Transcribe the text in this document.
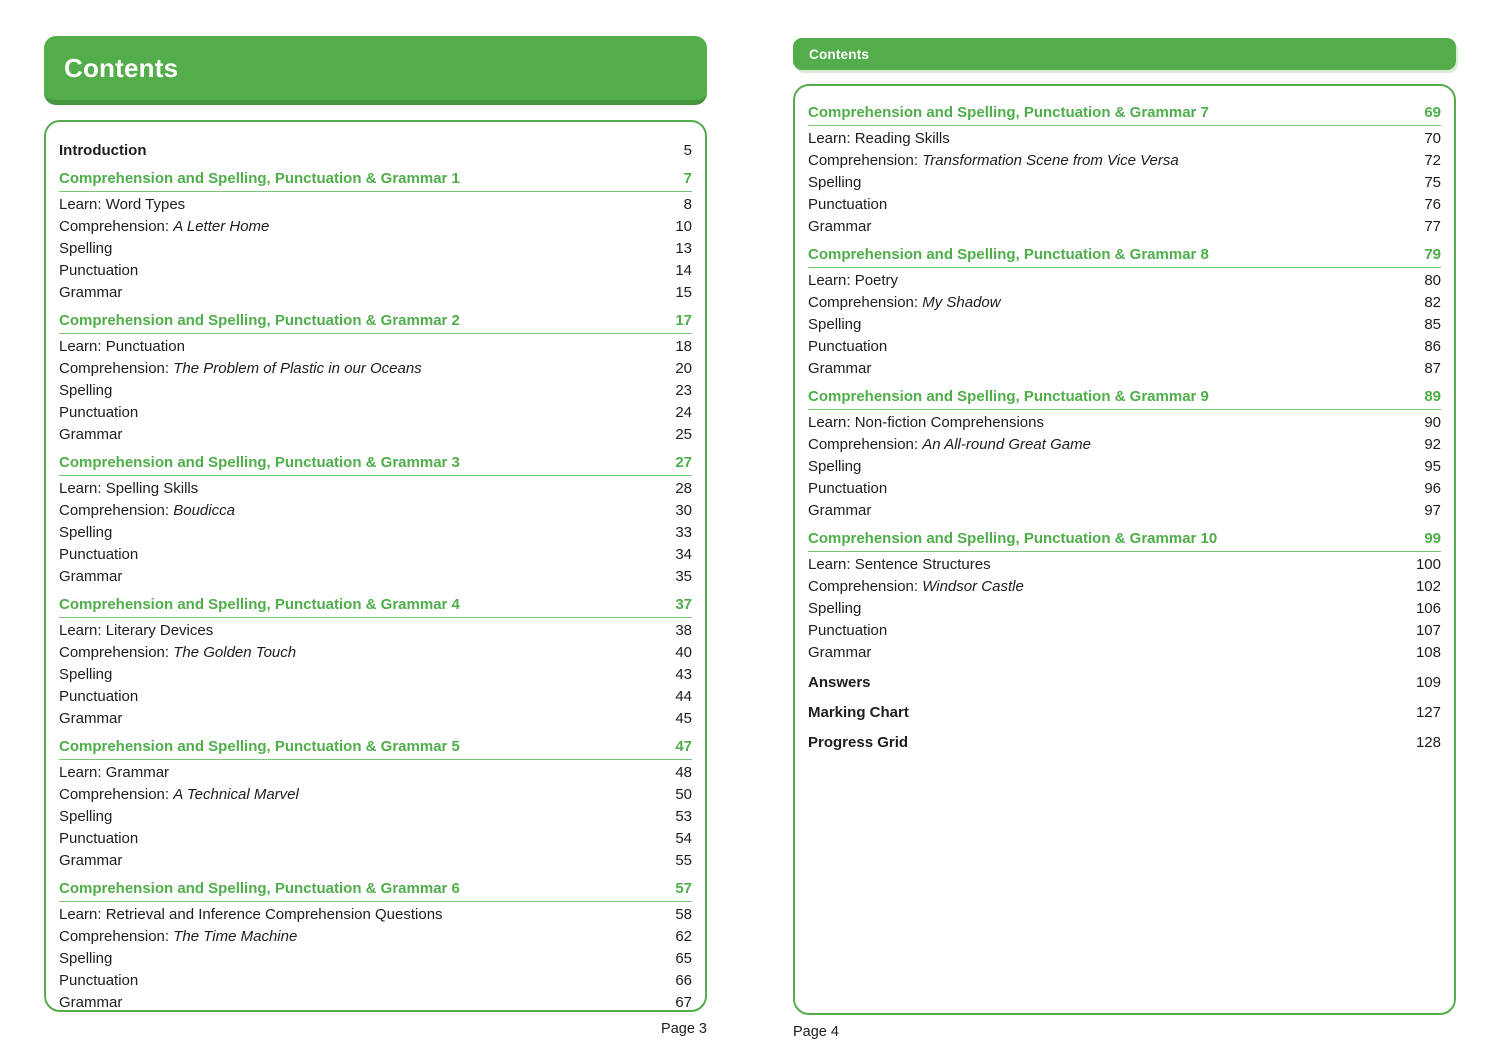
Contents
Introduction	5
Comprehension and Spelling, Punctuation & Grammar 1	7
Learn: Word Types	8
Comprehension: A Letter Home	10
Spelling	13
Punctuation	14
Grammar	15
Comprehension and Spelling, Punctuation & Grammar 2	17
Learn: Punctuation	18
Comprehension: The Problem of Plastic in our Oceans	20
Spelling	23
Punctuation	24
Grammar	25
Comprehension and Spelling, Punctuation & Grammar 3	27
Learn: Spelling Skills	28
Comprehension: Boudicca	30
Spelling	33
Punctuation	34
Grammar	35
Comprehension and Spelling, Punctuation & Grammar 4	37
Learn: Literary Devices	38
Comprehension: The Golden Touch	40
Spelling	43
Punctuation	44
Grammar	45
Comprehension and Spelling, Punctuation & Grammar 5	47
Learn: Grammar	48
Comprehension: A Technical Marvel	50
Spelling	53
Punctuation	54
Grammar	55
Comprehension and Spelling, Punctuation & Grammar 6	57
Learn: Retrieval and Inference Comprehension Questions	58
Comprehension: The Time Machine	62
Spelling	65
Punctuation	66
Grammar	67
Page 3
Contents
Comprehension and Spelling, Punctuation & Grammar 7	69
Learn: Reading Skills	70
Comprehension: Transformation Scene from Vice Versa	72
Spelling	75
Punctuation	76
Grammar	77
Comprehension and Spelling, Punctuation & Grammar 8	79
Learn: Poetry	80
Comprehension: My Shadow	82
Spelling	85
Punctuation	86
Grammar	87
Comprehension and Spelling, Punctuation & Grammar 9	89
Learn: Non-fiction Comprehensions	90
Comprehension: An All-round Great Game	92
Spelling	95
Punctuation	96
Grammar	97
Comprehension and Spelling, Punctuation & Grammar 10	99
Learn: Sentence Structures	100
Comprehension: Windsor Castle	102
Spelling	106
Punctuation	107
Grammar	108
Answers	109
Marking Chart	127
Progress Grid	128
Page 4
